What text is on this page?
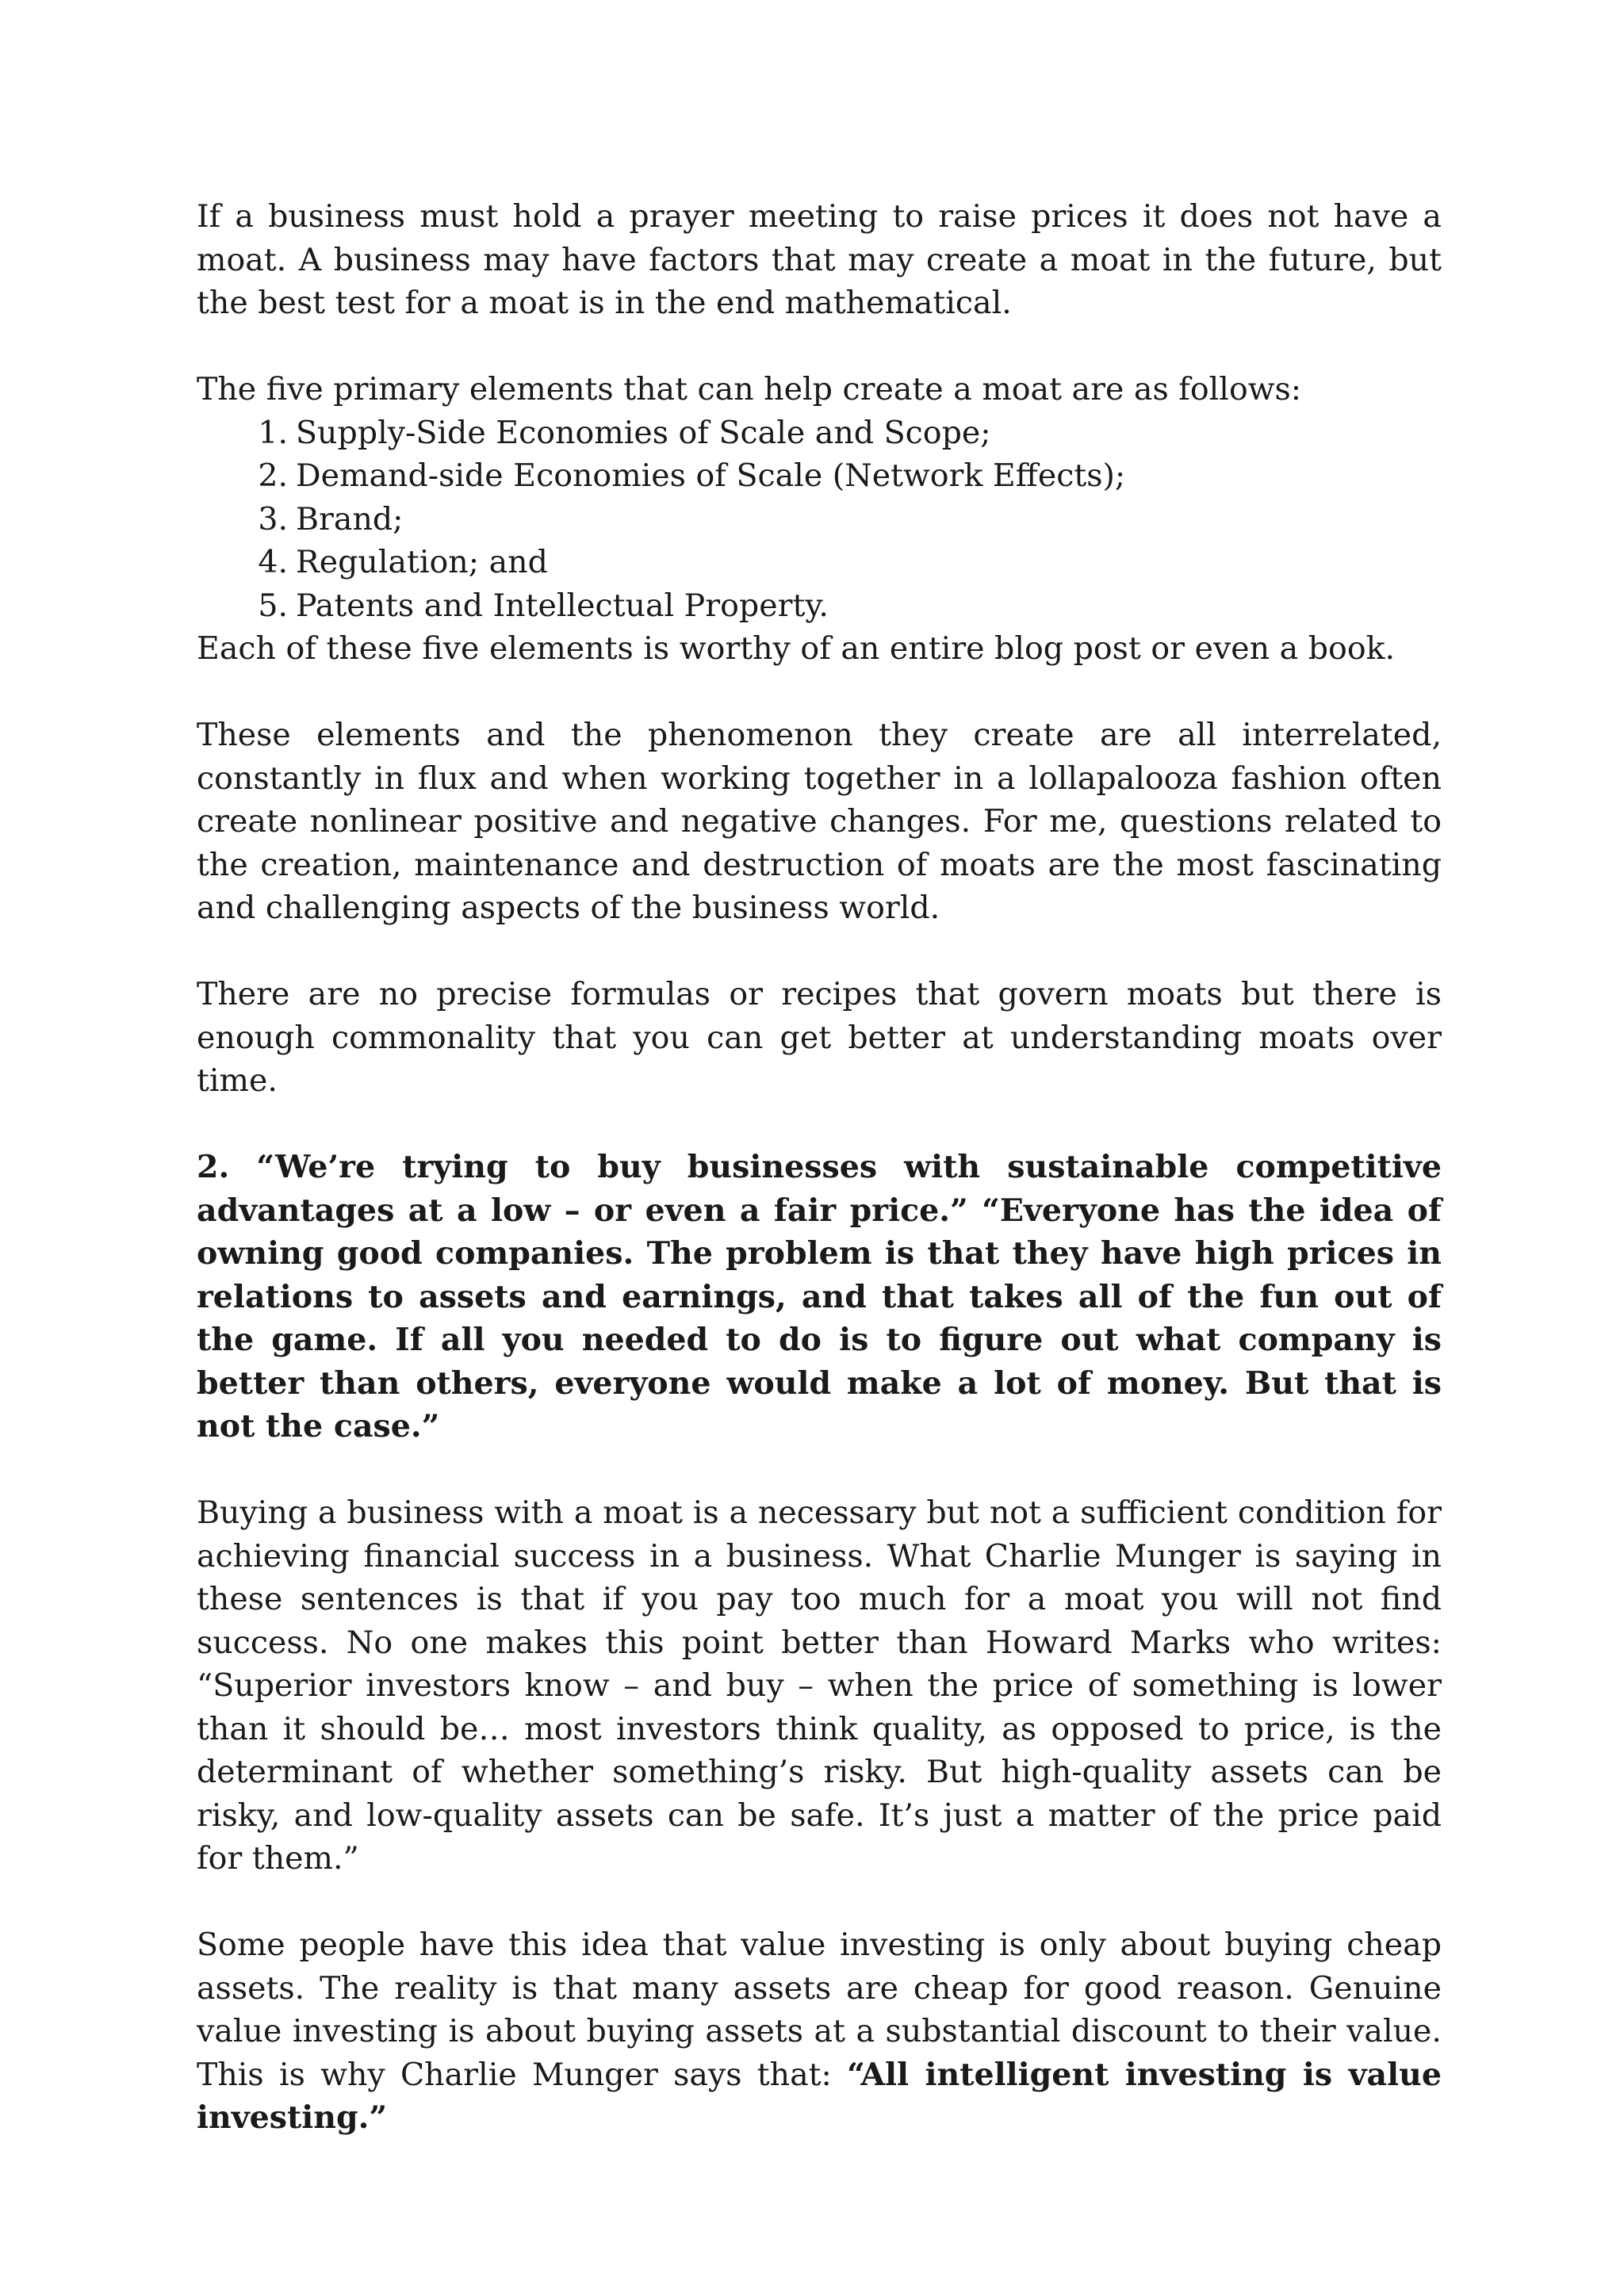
If a business must hold a prayer meeting to raise prices it does not have a moat. A business may have factors that may create a moat in the future, but the best test for a moat is in the end mathematical.

The five primary elements that can help create a moat are as follows:

1. Supply-Side Economies of Scale and Scope;
2. Demand-side Economies of Scale (Network Effects);
3. Brand;
4. Regulation; and
5. Patents and Intellectual Property.

Each of these five elements is worthy of an entire blog post or even a book.

These elements and the phenomenon they create are all interrelated, constantly in flux and when working together in a lollapalooza fashion often create nonlinear positive and negative changes. For me, questions related to the creation, maintenance and destruction of moats are the most fascinating and challenging aspects of the business world.

There are no precise formulas or recipes that govern moats but there is enough commonality that you can get better at understanding moats over time.

2. “We’re trying to buy businesses with sustainable competitive advantages at a low – or even a fair price.” “Everyone has the idea of owning good companies. The problem is that they have high prices in relations to assets and earnings, and that takes all of the fun out of the game. If all you needed to do is to figure out what company is better than others, everyone would make a lot of money. But that is not the case.”

Buying a business with a moat is a necessary but not a sufficient condition for achieving financial success in a business. What Charlie Munger is saying in these sentences is that if you pay too much for a moat you will not find success. No one makes this point better than Howard Marks who writes: “Superior investors know – and buy – when the price of something is lower than it should be… most investors think quality, as opposed to price, is the determinant of whether something’s risky. But high-quality assets can be risky, and low-quality assets can be safe. It’s just a matter of the price paid for them.”

Some people have this idea that value investing is only about buying cheap assets. The reality is that many assets are cheap for good reason. Genuine value investing is about buying assets at a substantial discount to their value. This is why Charlie Munger says that: “All intelligent investing is value investing.”
